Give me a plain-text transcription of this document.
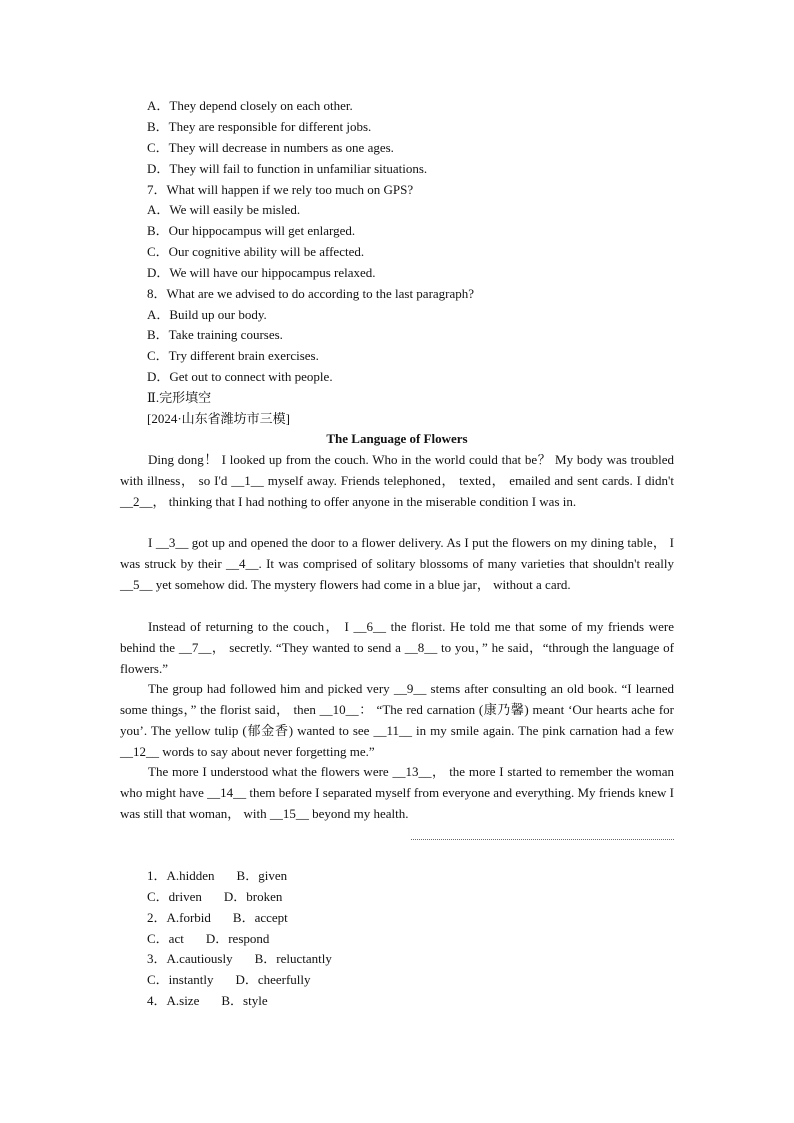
A．They depend closely on each other.
B．They are responsible for different jobs.
C．They will decrease in numbers as one ages.
D．They will fail to function in unfamiliar situations.
7．What will happen if we rely too much on GPS?
A．We will easily be misled.
B．Our hippocampus will get enlarged.
C．Our cognitive ability will be affected.
D．We will have our hippocampus relaxed.
8．What are we advised to do according to the last paragraph?
A．Build up our body.
B．Take training courses.
C．Try different brain exercises.
D．Get out to connect with people.
Ⅱ.完形填空
[2024·山东省潍坊市三模]
The Language of Flowers
Ding dong！ I looked up from the couch. Who in the world could that be？ My body was troubled with illness， so I'd __1__ myself away. Friends telephoned， texted， emailed and sent cards. I didn't __2__， thinking that I had nothing to offer anyone in the miserable condition I was in.
I __3__ got up and opened the door to a flower delivery. As I put the flowers on my dining table， I was struck by their __4__. It was comprised of solitary blossoms of many varieties that shouldn't really __5__ yet somehow did. The mystery flowers had come in a blue jar， without a card.
Instead of returning to the couch， I __6__ the florist. He told me that some of my friends were behind the __7__， secretly. “They wanted to send a __8__ to you，” he said，“through the language of flowers.”
The group had followed him and picked very __9__ stems after consulting an old book. “I learned some things，” the florist said， then __10__： “The red carnation (康乃馨) meant ‘Our hearts ache for you’. The yellow tulip (郁金香) wanted to see __11__ in my smile again. The pink carnation had a few __12__ words to say about never forgetting me.”
The more I understood what the flowers were __13__， the more I started to remember the woman who might have __14__ them before I separated myself from everyone and everything. My friends knew I was still that woman， with __15__ beyond my health.
1．A.hidden B．given
C．driven D．broken
2．A.forbid B．accept
C．act D．respond
3．A.cautiously B．reluctantly
C．instantly D．cheerfully
4．A.size B．style
